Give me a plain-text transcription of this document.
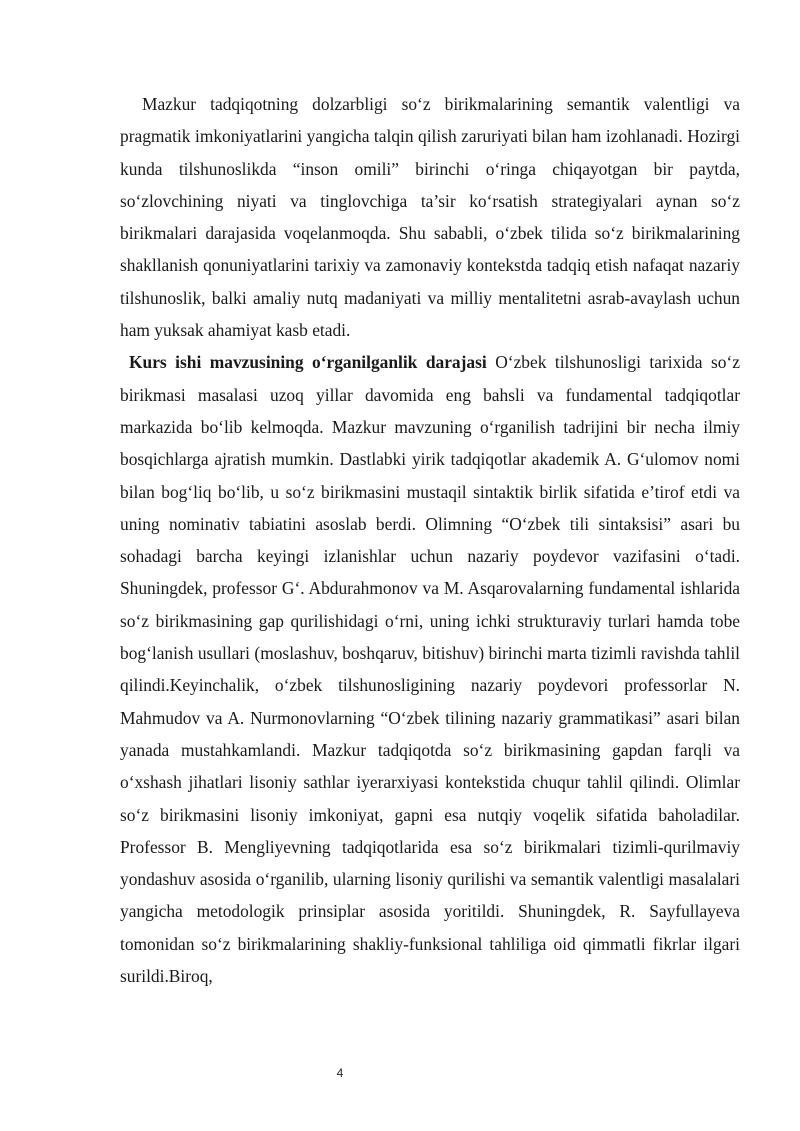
Mazkur tadqiqotning dolzarbligi so‘z birikmalarining semantik valentligi va pragmatik imkoniyatlarini yangicha talqin qilish zaruriyati bilan ham izohlanadi. Hozirgi kunda tilshunoslikda “inson omili” birinchi o‘ringa chiqayotgan bir paytda, so‘zlovchining niyati va tinglovchiga ta’sir ko‘rsatish strategiyalari aynan so‘z birikmalari darajasida voqelanmoqda. Shu sababli, o‘zbek tilida so‘z birikmalarining shakllanish qonuniyatlarini tarixiy va zamonaviy kontekstda tadqiq etish nafaqat nazariy tilshunoslik, balki amaliy nutq madaniyati va milliy mentalitetni asrab-avaylash uchun ham yuksak ahamiyat kasb etadi.

Kurs ishi mavzusining o‘rganilganlik darajasi O‘zbek tilshunosligi tarixida so‘z birikmasi masalasi uzoq yillar davomida eng bahsli va fundamental tadqiqotlar markazida bo‘lib kelmoqda. Mazkur mavzuning o‘rganilish tadrijini bir necha ilmiy bosqichlarga ajratish mumkin. Dastlabki yirik tadqiqotlar akademik A. G‘ulomov nomi bilan bog‘liq bo‘lib, u so‘z birikmasini mustaqil sintaktik birlik sifatida e’tirof etdi va uning nominativ tabiatini asoslab berdi. Olimning “O‘zbek tili sintaksisi” asari bu sohadagi barcha keyingi izlanishlar uchun nazariy poydevor vazifasini o‘tadi. Shuningdek, professor G‘. Abdurahmonov va M. Asqarovalarning fundamental ishlarida so‘z birikmasining gap qurilishidagi o‘rni, uning ichki strukturaviy turlari hamda tobe bog‘lanish usullari (moslashuv, boshqaruv, bitishuv) birinchi marta tizimli ravishda tahlil qilindi.Keyinchalik, o‘zbek tilshunosligining nazariy poydevori professorlar N. Mahmudov va A. Nurmonovlarning “O‘zbek tilining nazariy grammatikasi” asari bilan yanada mustahkamlandi. Mazkur tadqiqotda so‘z birikmasining gapdan farqli va o‘xshash jihatlari lisoniy sathlar iyerarxiyasi kontekstida chuqur tahlil qilindi. Olimlar so‘z birikmasini lisoniy imkoniyat, gapni esa nutqiy voqelik sifatida baholadilar. Professor B. Mengliyevning tadqiqotlarida esa so‘z birikmalari tizimli-qurilmaviy yondashuv asosida o‘rganilib, ularning lisoniy qurilishi va semantik valentligi masalalari yangicha metodologik prinsiplar asosida yoritildi. Shuningdek, R. Sayfullayeva tomonidan so‘z birikmalarining shakliy-funksional tahliliga oid qimmatli fikrlar ilgari surildi.Biroq,

4
